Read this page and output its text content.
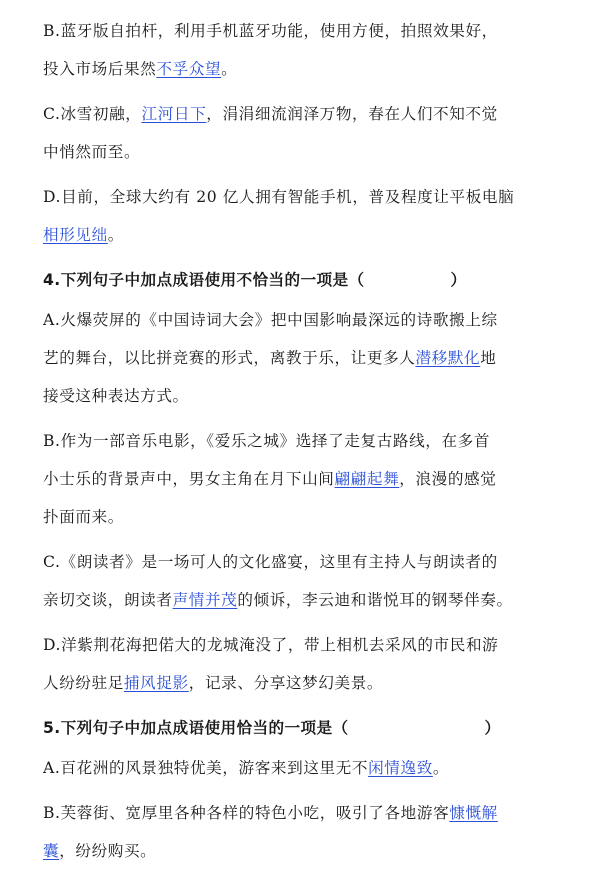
B.蓝牙版自拍杆，利用手机蓝牙功能，使用方便，拍照效果好，
投入市场后果然不孚众望。
C.冰雪初融，江河日下，涓涓细流润泽万物，春在人们不知不觉
中悄然而至。
D.目前，全球大约有 20 亿人拥有智能手机，普及程度让平板电脑
相形见绌。
4.下列句子中加点成语使用不恰当的一项是（	）
A.火爆荧屏的《中国诗词大会》把中国影响最深远的诗歌搬上综
艺的舞台，以比拼竞赛的形式，离教于乐，让更多人潜移默化地
接受这种表达方式。
B.作为一部音乐电影，《爱乐之城》选择了走复古路线，在多首
小士乐的背景声中，男女主角在月下山间翩翩起舞，浪漫的感觉
扑面而来。
C.《朗读者》是一场可人的文化盛宴，这里有主持人与朗读者的
亲切交谈，朗读者声情并茂的倾诉，李云迪和谐悦耳的钢琴伴奏。
D.洋紫荆花海把偌大的龙城淹没了，带上相机去采风的市民和游
人纷纷驻足捕风捉影，记录、分享这梦幻美景。
5.下列句子中加点成语使用恰当的一项是（	）
A.百花洲的风景独特优美，游客来到这里无不闲情逸致。
B.芙蓉街、宽厚里各种各样的特色小吃，吸引了各地游客慷慨解
囊，纷纷购买。
